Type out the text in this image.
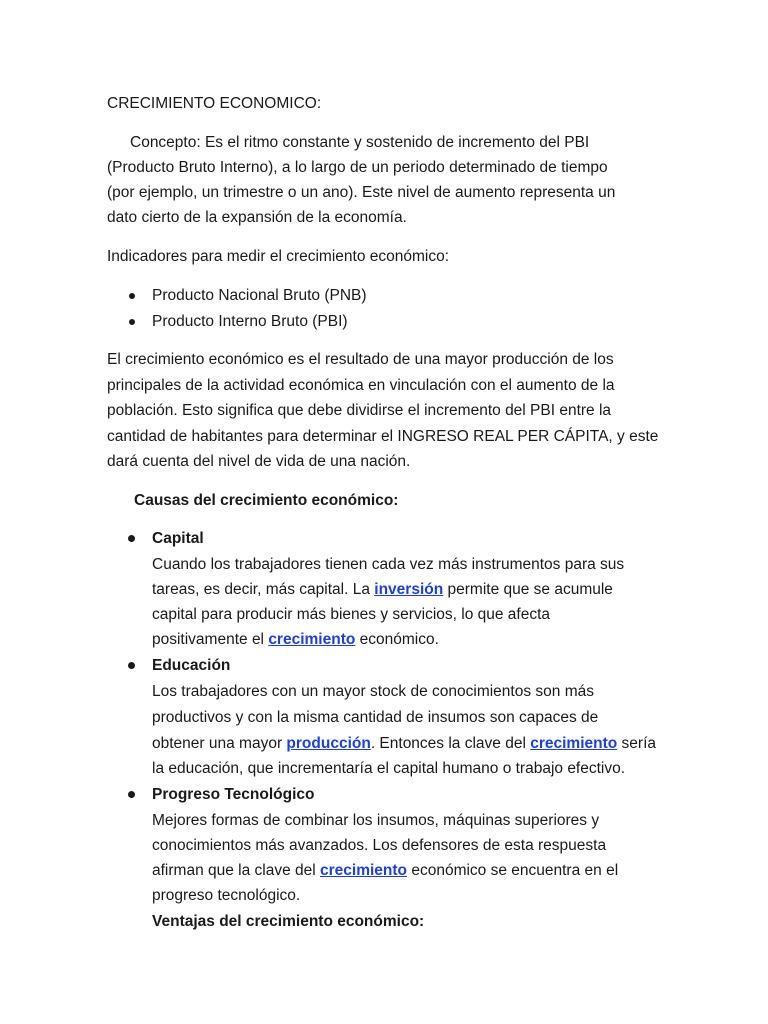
CRECIMIENTO ECONOMICO:
Concepto: Es el ritmo constante y sostenido de incremento del PBI
(Producto Bruto Interno), a lo largo de un periodo determinado de tiempo
(por ejemplo, un trimestre o un ano). Este nivel de aumento representa un
dato cierto de la expansión de la economía.
Indicadores para medir el crecimiento económico:
Producto Nacional Bruto (PNB)
Producto Interno Bruto (PBI)
El crecimiento económico es el resultado de una mayor producción de los
principales de la actividad económica en vinculación con el aumento de la
población. Esto significa que debe dividirse el incremento del PBI entre la
cantidad de habitantes para determinar el INGRESO REAL PER CÁPITA, y este
dará cuenta del nivel de vida de una nación.
Causas del crecimiento económico:
Capital
Cuando los trabajadores tienen cada vez más instrumentos para sus
tareas, es decir, más capital. La inversión permite que se acumule
capital para producir más bienes y servicios, lo que afecta
positivamente el crecimiento económico.
Educación
Los trabajadores con un mayor stock de conocimientos son más
productivos y con la misma cantidad de insumos son capaces de
obtener una mayor producción. Entonces la clave del crecimiento sería
la educación, que incrementaría el capital humano o trabajo efectivo.
Progreso Tecnológico
Mejores formas de combinar los insumos, máquinas superiores y
conocimientos más avanzados. Los defensores de esta respuesta
afirman que la clave del crecimiento económico se encuentra en el
progreso tecnológico.
Ventajas del crecimiento económico:
